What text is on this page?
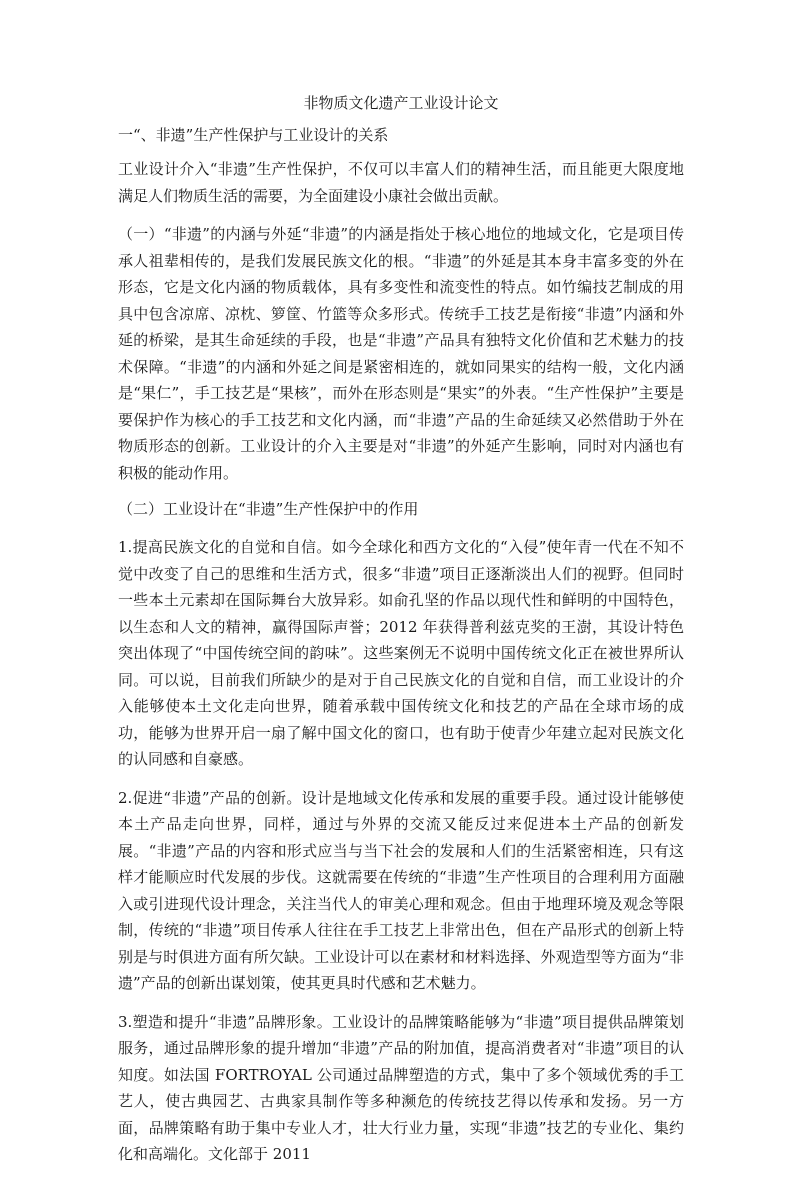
非物质文化遗产工业设计论文
一“、非遗”生产性保护与工业设计的关系

工业设计介入“非遗”生产性保护，不仅可以丰富人们的精神生活，而且能更大限度地满足人们物质生活的需要，为全面建设小康社会做出贡献。

（一）“非遗”的内涵与外延“非遗”的内涵是指处于核心地位的地域文化，它是项目传承人祖辈相传的，是我们发展民族文化的根。“非遗”的外延是其本身丰富多变的外在形态，它是文化内涵的物质载体，具有多变性和流变性的特点。如竹编技艺制成的用具中包含凉席、凉枕、箩筐、竹篮等众多形式。传统手工技艺是衔接“非遗”内涵和外延的桥梁，是其生命延续的手段，也是“非遗”产品具有独特文化价值和艺术魅力的技术保障。“非遗”的内涵和外延之间是紧密相连的，就如同果实的结构一般，文化内涵是“果仁”，手工技艺是“果核”，而外在形态则是“果实”的外表。“生产性保护”主要是要保护作为核心的手工技艺和文化内涵，而“非遗”产品的生命延续又必然借助于外在物质形态的创新。工业设计的介入主要是对“非遗”的外延产生影响，同时对内涵也有积极的能动作用。

（二）工业设计在“非遗”生产性保护中的作用

1.提高民族文化的自觉和自信。如今全球化和西方文化的“入侵”使年青一代在不知不觉中改变了自己的思维和生活方式，很多“非遗”项目正逐渐淡出人们的视野。但同时一些本土元素却在国际舞台大放异彩。如俞孔坚的作品以现代性和鲜明的中国特色，以生态和人文的精神，赢得国际声誉；2012 年获得普利兹克奖的王澍，其设计特色突出体现了“中国传统空间的韵味”。这些案例无不说明中国传统文化正在被世界所认同。可以说，目前我们所缺少的是对于自己民族文化的自觉和自信，而工业设计的介入能够使本土文化走向世界，随着承载中国传统文化和技艺的产品在全球市场的成功，能够为世界开启一扇了解中国文化的窗口，也有助于使青少年建立起对民族文化的认同感和自豪感。

2.促进“非遗”产品的创新。设计是地域文化传承和发展的重要手段。通过设计能够使本土产品走向世界，同样，通过与外界的交流又能反过来促进本土产品的创新发展。“非遗”产品的内容和形式应当与当下社会的发展和人们的生活紧密相连，只有这样才能顺应时代发展的步伐。这就需要在传统的“非遗”生产性项目的合理利用方面融入或引进现代设计理念，关注当代人的审美心理和观念。但由于地理环境及观念等限制，传统的“非遗”项目传承人往往在手工技艺上非常出色，但在产品形式的创新上特别是与时俱进方面有所欠缺。工业设计可以在素材和材料选择、外观造型等方面为“非遗”产品的创新出谋划策，使其更具时代感和艺术魅力。

3.塑造和提升“非遗”品牌形象。工业设计的品牌策略能够为“非遗”项目提供品牌策划服务，通过品牌形象的提升增加“非遗”产品的附加值，提高消费者对“非遗”项目的认知度。如法国 FORTROYAL 公司通过品牌塑造的方式，集中了多个领域优秀的手工艺人，使古典园艺、古典家具制作等多种濒危的传统技艺得以传承和发扬。另一方面，品牌策略有助于集中专业人才，壮大行业力量，实现“非遗”技艺的专业化、集约化和高端化。文化部于 2011
